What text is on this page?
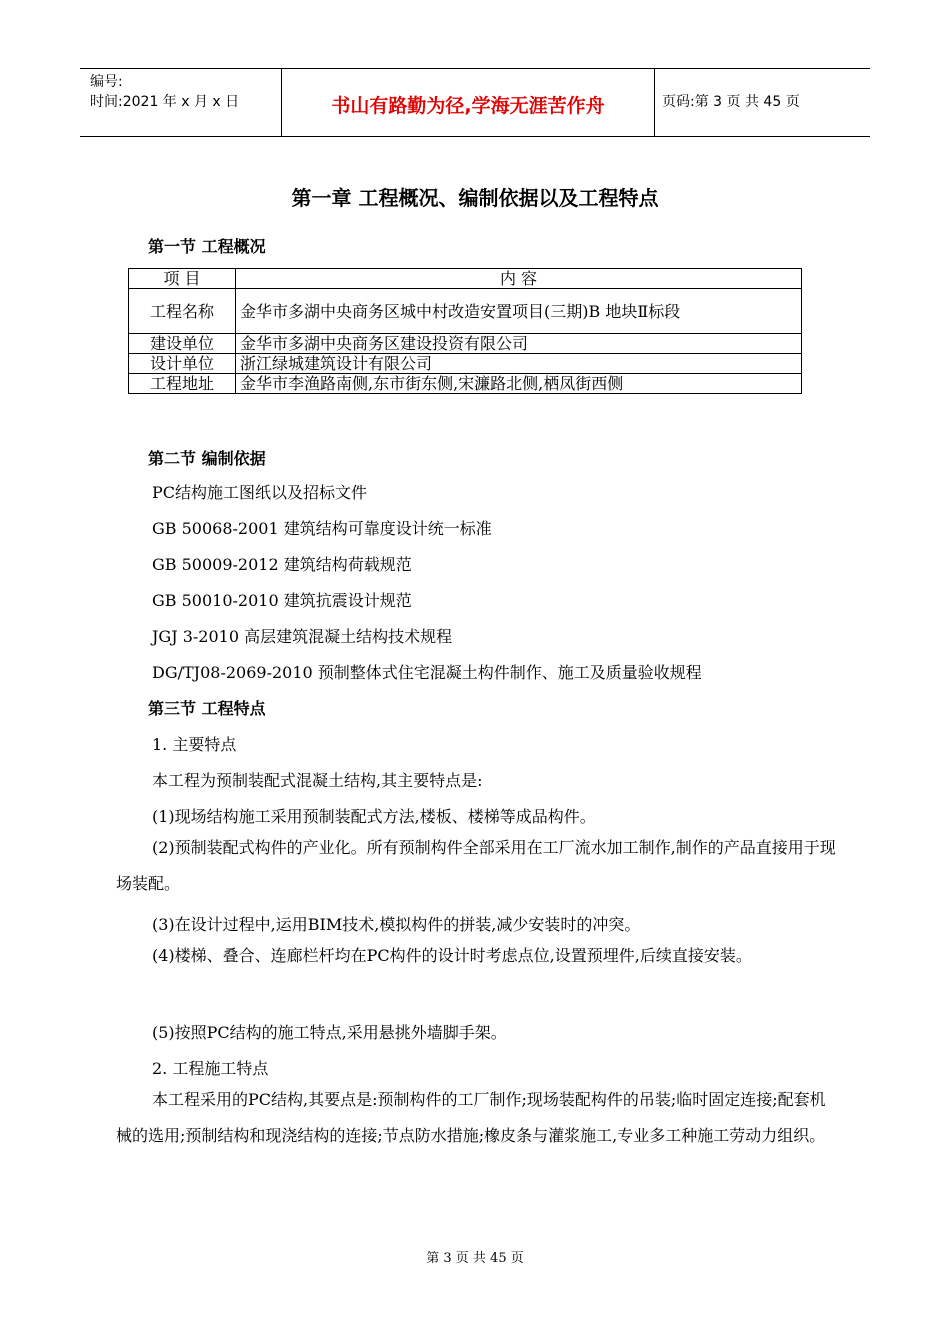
编号:
时间:2021 年 x 月 x 日	书山有路勤为径,学海无涯苦作舟	页码:第 3 页 共 45 页
第一章 工程概况、编制依据以及工程特点
第一节 工程概况
项 目	内 容
工程名称	金华市多湖中央商务区城中村改造安置项目(三期)B 地块Ⅱ标段
建设单位	金华市多湖中央商务区建设投资有限公司
设计单位	浙江绿城建筑设计有限公司
工程地址	金华市李渔路南侧,东市街东侧,宋濂路北侧,栖凤街西侧
第二节 编制依据
PC结构施工图纸以及招标文件
GB 50068-2001 建筑结构可靠度设计统一标准
GB 50009-2012 建筑结构荷载规范
GB 50010-2010 建筑抗震设计规范
JGJ 3-2010 高层建筑混凝土结构技术规程
DG/TJ08-2069-2010 预制整体式住宅混凝土构件制作、施工及质量验收规程
第三节 工程特点
1. 主要特点
本工程为预制装配式混凝土结构,其主要特点是:
(1)现场结构施工采用预制装配式方法,楼板、楼梯等成品构件。
(2)预制装配式构件的产业化。所有预制构件全部采用在工厂流水加工制作,制作的产品直接用于现场装配。
(3)在设计过程中,运用BIM技术,模拟构件的拼装,减少安装时的冲突。
(4)楼梯、叠合、连廊栏杆均在PC构件的设计时考虑点位,设置预埋件,后续直接安装。
(5)按照PC结构的施工特点,采用悬挑外墙脚手架。
2. 工程施工特点
本工程采用的PC结构,其要点是:预制构件的工厂制作;现场装配构件的吊装;临时固定连接;配套机械的选用;预制结构和现浇结构的连接;节点防水措施;橡皮条与灌浆施工,专业多工种施工劳动力组织。
第 3 页 共 45 页
